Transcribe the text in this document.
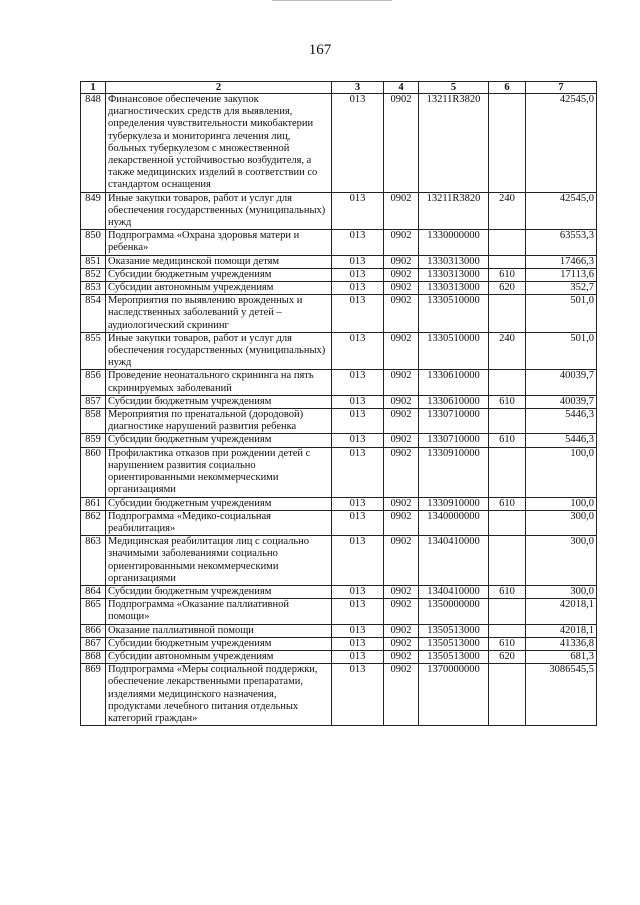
167
1	2	3	4	5	6	7
848	Финансовое обеспечение закупок диагностических средств для выявления, определения чувствительности микобактерии туберкулеза и мониторинга лечения лиц, больных туберкулезом с множественной лекарственной устойчивостью возбудителя, а также медицинских изделий в соответствии со стандартом оснащения	013	0902	13211R3820		42545,0
849	Иные закупки товаров, работ и услуг для обеспечения государственных (муниципальных) нужд	013	0902	13211R3820	240	42545,0
850	Подпрограмма «Охрана здоровья матери и ребенка»	013	0902	1330000000		63553,3
851	Оказание медицинской помощи детям	013	0902	1330313000		17466,3
852	Субсидии бюджетным учреждениям	013	0902	1330313000	610	17113,6
853	Субсидии автономным учреждениям	013	0902	1330313000	620	352,7
854	Мероприятия по выявлению врожденных и наследственных заболеваний у детей – аудиологический скрининг	013	0902	1330510000		501,0
855	Иные закупки товаров, работ и услуг для обеспечения государственных (муниципальных) нужд	013	0902	1330510000	240	501,0
856	Проведение неонатального скрининга на пять скринируемых заболеваний	013	0902	1330610000		40039,7
857	Субсидии бюджетным учреждениям	013	0902	1330610000	610	40039,7
858	Мероприятия по пренатальной (дородовой) диагностике нарушений развития ребенка	013	0902	1330710000		5446,3
859	Субсидии бюджетным учреждениям	013	0902	1330710000	610	5446,3
860	Профилактика отказов при рождении детей с нарушением развития социально ориентированными некоммерческими организациями	013	0902	1330910000		100,0
861	Субсидии бюджетным учреждениям	013	0902	1330910000	610	100,0
862	Подпрограмма «Медико-социальная реабилитация»	013	0902	1340000000		300,0
863	Медицинская реабилитация лиц с социально значимыми заболеваниями социально ориентированными некоммерческими организациями	013	0902	1340410000		300,0
864	Субсидии бюджетным учреждениям	013	0902	1340410000	610	300,0
865	Подпрограмма «Оказание паллиативной помощи»	013	0902	1350000000		42018,1
866	Оказание паллиативной помощи	013	0902	1350513000		42018,1
867	Субсидии бюджетным учреждениям	013	0902	1350513000	610	41336,8
868	Субсидии автономным учреждениям	013	0902	1350513000	620	681,3
869	Подпрограмма «Меры социальной поддержки, обеспечение лекарственными препаратами, изделиями медицинского назначения, продуктами лечебного питания отдельных категорий граждан»	013	0902	1370000000		3086545,5
